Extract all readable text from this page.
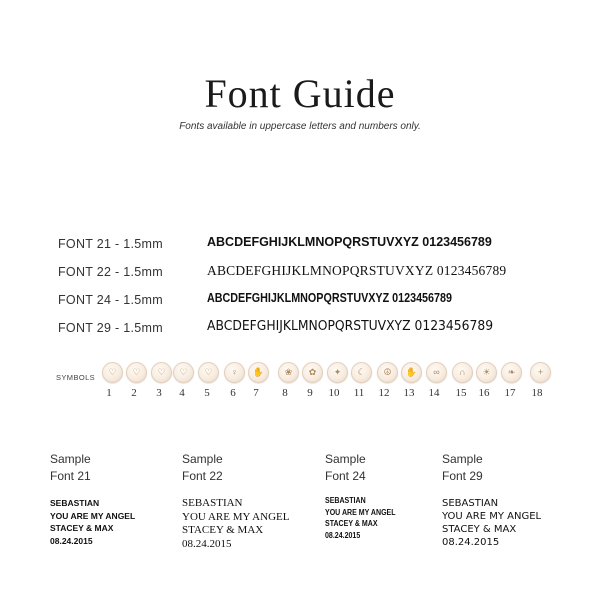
Font Guide
Fonts available in uppercase letters and numbers only.
FONT 21 - 1.5mm	ABCDEFGHIJKLMNOPQRSTUVXYZ 0123456789
FONT 22 - 1.5mm	ABCDEFGHIJKLMNOPQRSTUVXYZ 0123456789
FONT 24 - 1.5mm	ABCDEFGHIJKLMNOPQRSTUVXYZ 0123456789
FONT 29 - 1.5mm	ABCDEFGHIJKLMNOPQRSTUVXYZ 0123456789
SYMBOLS
♡
1
♡
2
♡
3
♡
4
♡
5
♀
6
✋
7
❀
8
✿
9
✦
10
☾
11
☮
12
✋
13
∞
14
∩
15
☀
16
❧
17
+
18
Sample
Font 21
SEBASTIAN
YOU ARE MY ANGEL
STACEY & MAX
08.24.2015
Sample
Font 22
SEBASTIAN
YOU ARE MY ANGEL
STACEY & MAX
08.24.2015
Sample
Font 24
SEBASTIAN
YOU ARE MY ANGEL
STACEY & MAX
08.24.2015
Sample
Font 29
SEBASTIAN
YOU ARE MY ANGEL
STACEY & MAX
08.24.2015
